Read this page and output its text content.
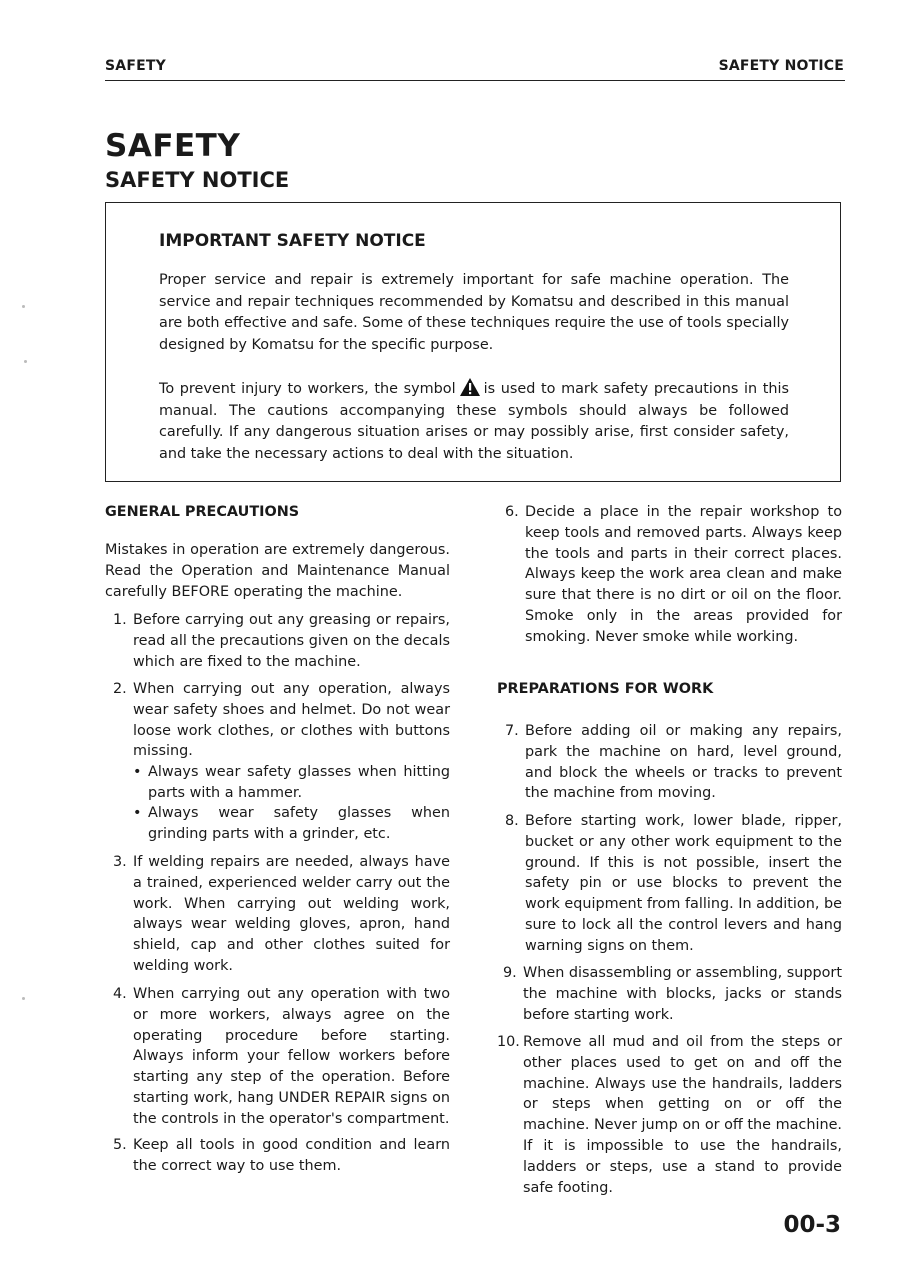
SAFETY	SAFETY NOTICE
SAFETY
SAFETY NOTICE
IMPORTANT SAFETY NOTICE

Proper service and repair is extremely important for safe machine operation. The service and repair techniques recommended by Komatsu and described in this manual are both effective and safe. Some of these techniques require the use of tools specially designed by Komatsu for the specific purpose.

To prevent injury to workers, the symbol is used to mark safety precautions in this manual. The cautions accompanying these symbols should always be followed carefully. If any dangerous situation arises or may possibly arise, first consider safety, and take the necessary actions to deal with the situation.

GENERAL PRECAUTIONS

Mistakes in operation are extremely dangerous. Read the Operation and Maintenance Manual carefully BEFORE operating the machine.

1. Before carrying out any greasing or repairs, read all the precautions given on the decals which are fixed to the machine.
2. When carrying out any operation, always wear safety shoes and helmet. Do not wear loose work clothes, or clothes with buttons missing.
• Always wear safety glasses when hitting parts with a hammer.
• Always wear safety glasses when grinding parts with a grinder, etc.
3. If welding repairs are needed, always have a trained, experienced welder carry out the work. When carrying out welding work, always wear welding gloves, apron, hand shield, cap and other clothes suited for welding work.
4. When carrying out any operation with two or more workers, always agree on the operating procedure before starting. Always inform your fellow workers before starting any step of the operation. Before starting work, hang UNDER REPAIR signs on the controls in the operator's compartment.
5. Keep all tools in good condition and learn the correct way to use them.
6. Decide a place in the repair workshop to keep tools and removed parts. Always keep the tools and parts in their correct places. Always keep the work area clean and make sure that there is no dirt or oil on the floor. Smoke only in the areas provided for smoking. Never smoke while working.
PREPARATIONS FOR WORK
7. Before adding oil or making any repairs, park the machine on hard, level ground, and block the wheels or tracks to prevent the machine from moving.
8. Before starting work, lower blade, ripper, bucket or any other work equipment to the ground. If this is not possible, insert the safety pin or use blocks to prevent the work equipment from falling. In addition, be sure to lock all the control levers and hang warning signs on them.
9. When disassembling or assembling, support the machine with blocks, jacks or stands before starting work.
10. Remove all mud and oil from the steps or other places used to get on and off the machine. Always use the handrails, ladders or steps when getting on or off the machine. Never jump on or off the machine. If it is impossible to use the handrails, ladders or steps, use a stand to provide safe footing.
00-3
